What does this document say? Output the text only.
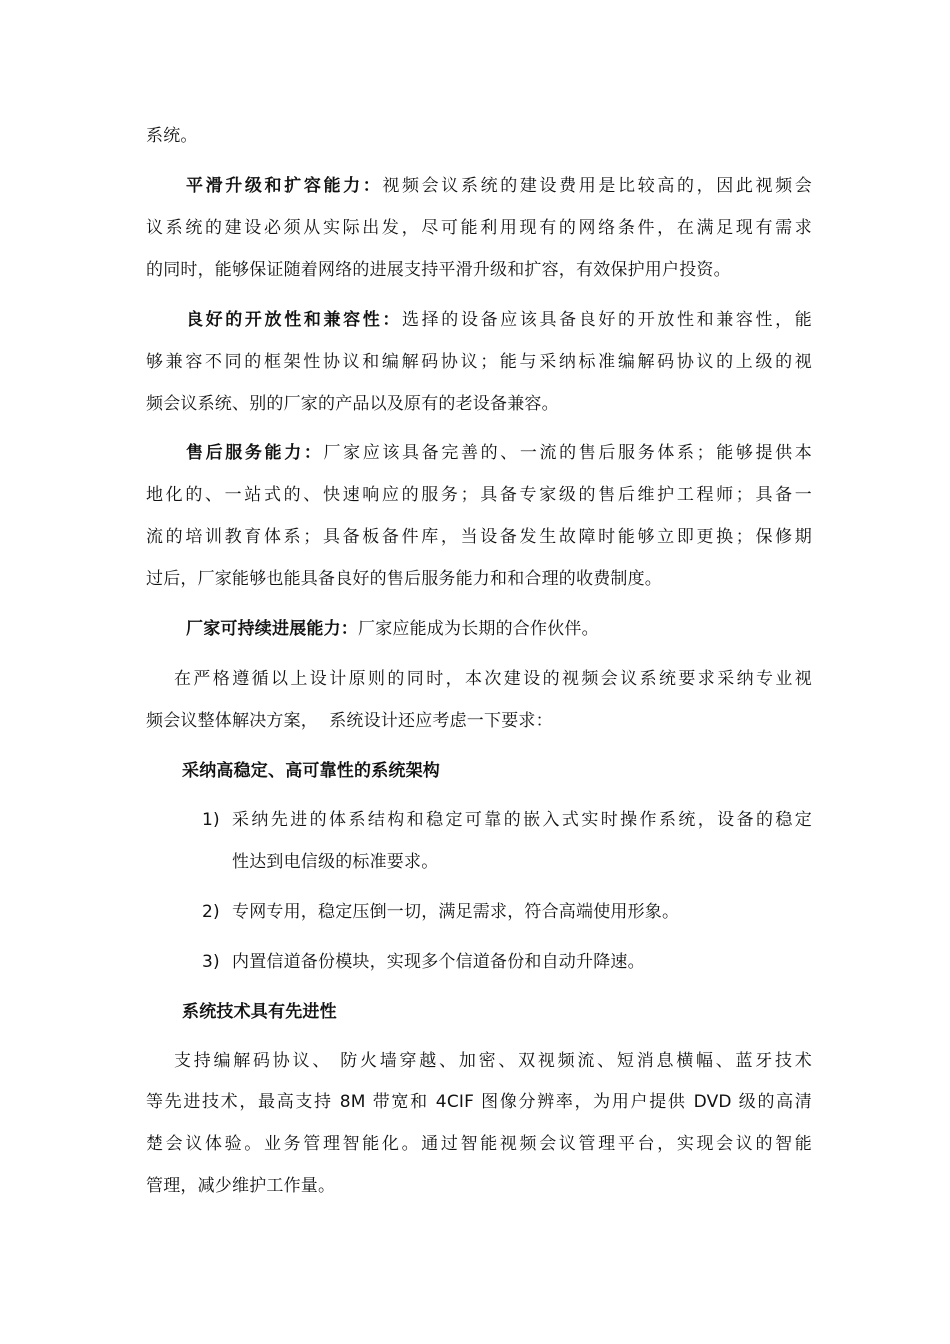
系统。
平滑升级和扩容能力：视频会议系统的建设费用是比较高的，因此视频会
议系统的建设必须从实际出发，尽可能利用现有的网络条件，在满足现有需求
的同时，能够保证随着网络的进展支持平滑升级和扩容，有效保护用户投资。
良好的开放性和兼容性：选择的设备应该具备良好的开放性和兼容性，能
够兼容不同的框架性协议和编解码协议；能与采纳标准编解码协议的上级的视
频会议系统、别的厂家的产品以及原有的老设备兼容。
售后服务能力：厂家应该具备完善的、一流的售后服务体系；能够提供本
地化的、一站式的、快速响应的服务；具备专家级的售后维护工程师；具备一
流的培训教育体系；具备板备件库，当设备发生故障时能够立即更换；保修期
过后，厂家能够也能具备良好的售后服务能力和和合理的收费制度。
厂家可持续进展能力：厂家应能成为长期的合作伙伴。
在严格遵循以上设计原则的同时，本次建设的视频会议系统要求采纳专业视
频会议整体解决方案，  系统设计还应考虑一下要求：
采纳高稳定、高可靠性的系统架构
1) 采纳先进的体系结构和稳定可靠的嵌入式实时操作系统，设备的稳定
性达到电信级的标准要求。
2) 专网专用，稳定压倒一切，满足需求，符合高端使用形象。
3) 内置信道备份模块，实现多个信道备份和自动升降速。
系统技术具有先进性
支持编解码协议、 防火墙穿越、加密、双视频流、短消息横幅、蓝牙技术
等先进技术，最高支持 8M 带宽和 4CIF 图像分辨率，为用户提供 DVD 级的高清
楚会议体验。业务管理智能化。通过智能视频会议管理平台，实现会议的智能
管理，减少维护工作量。
